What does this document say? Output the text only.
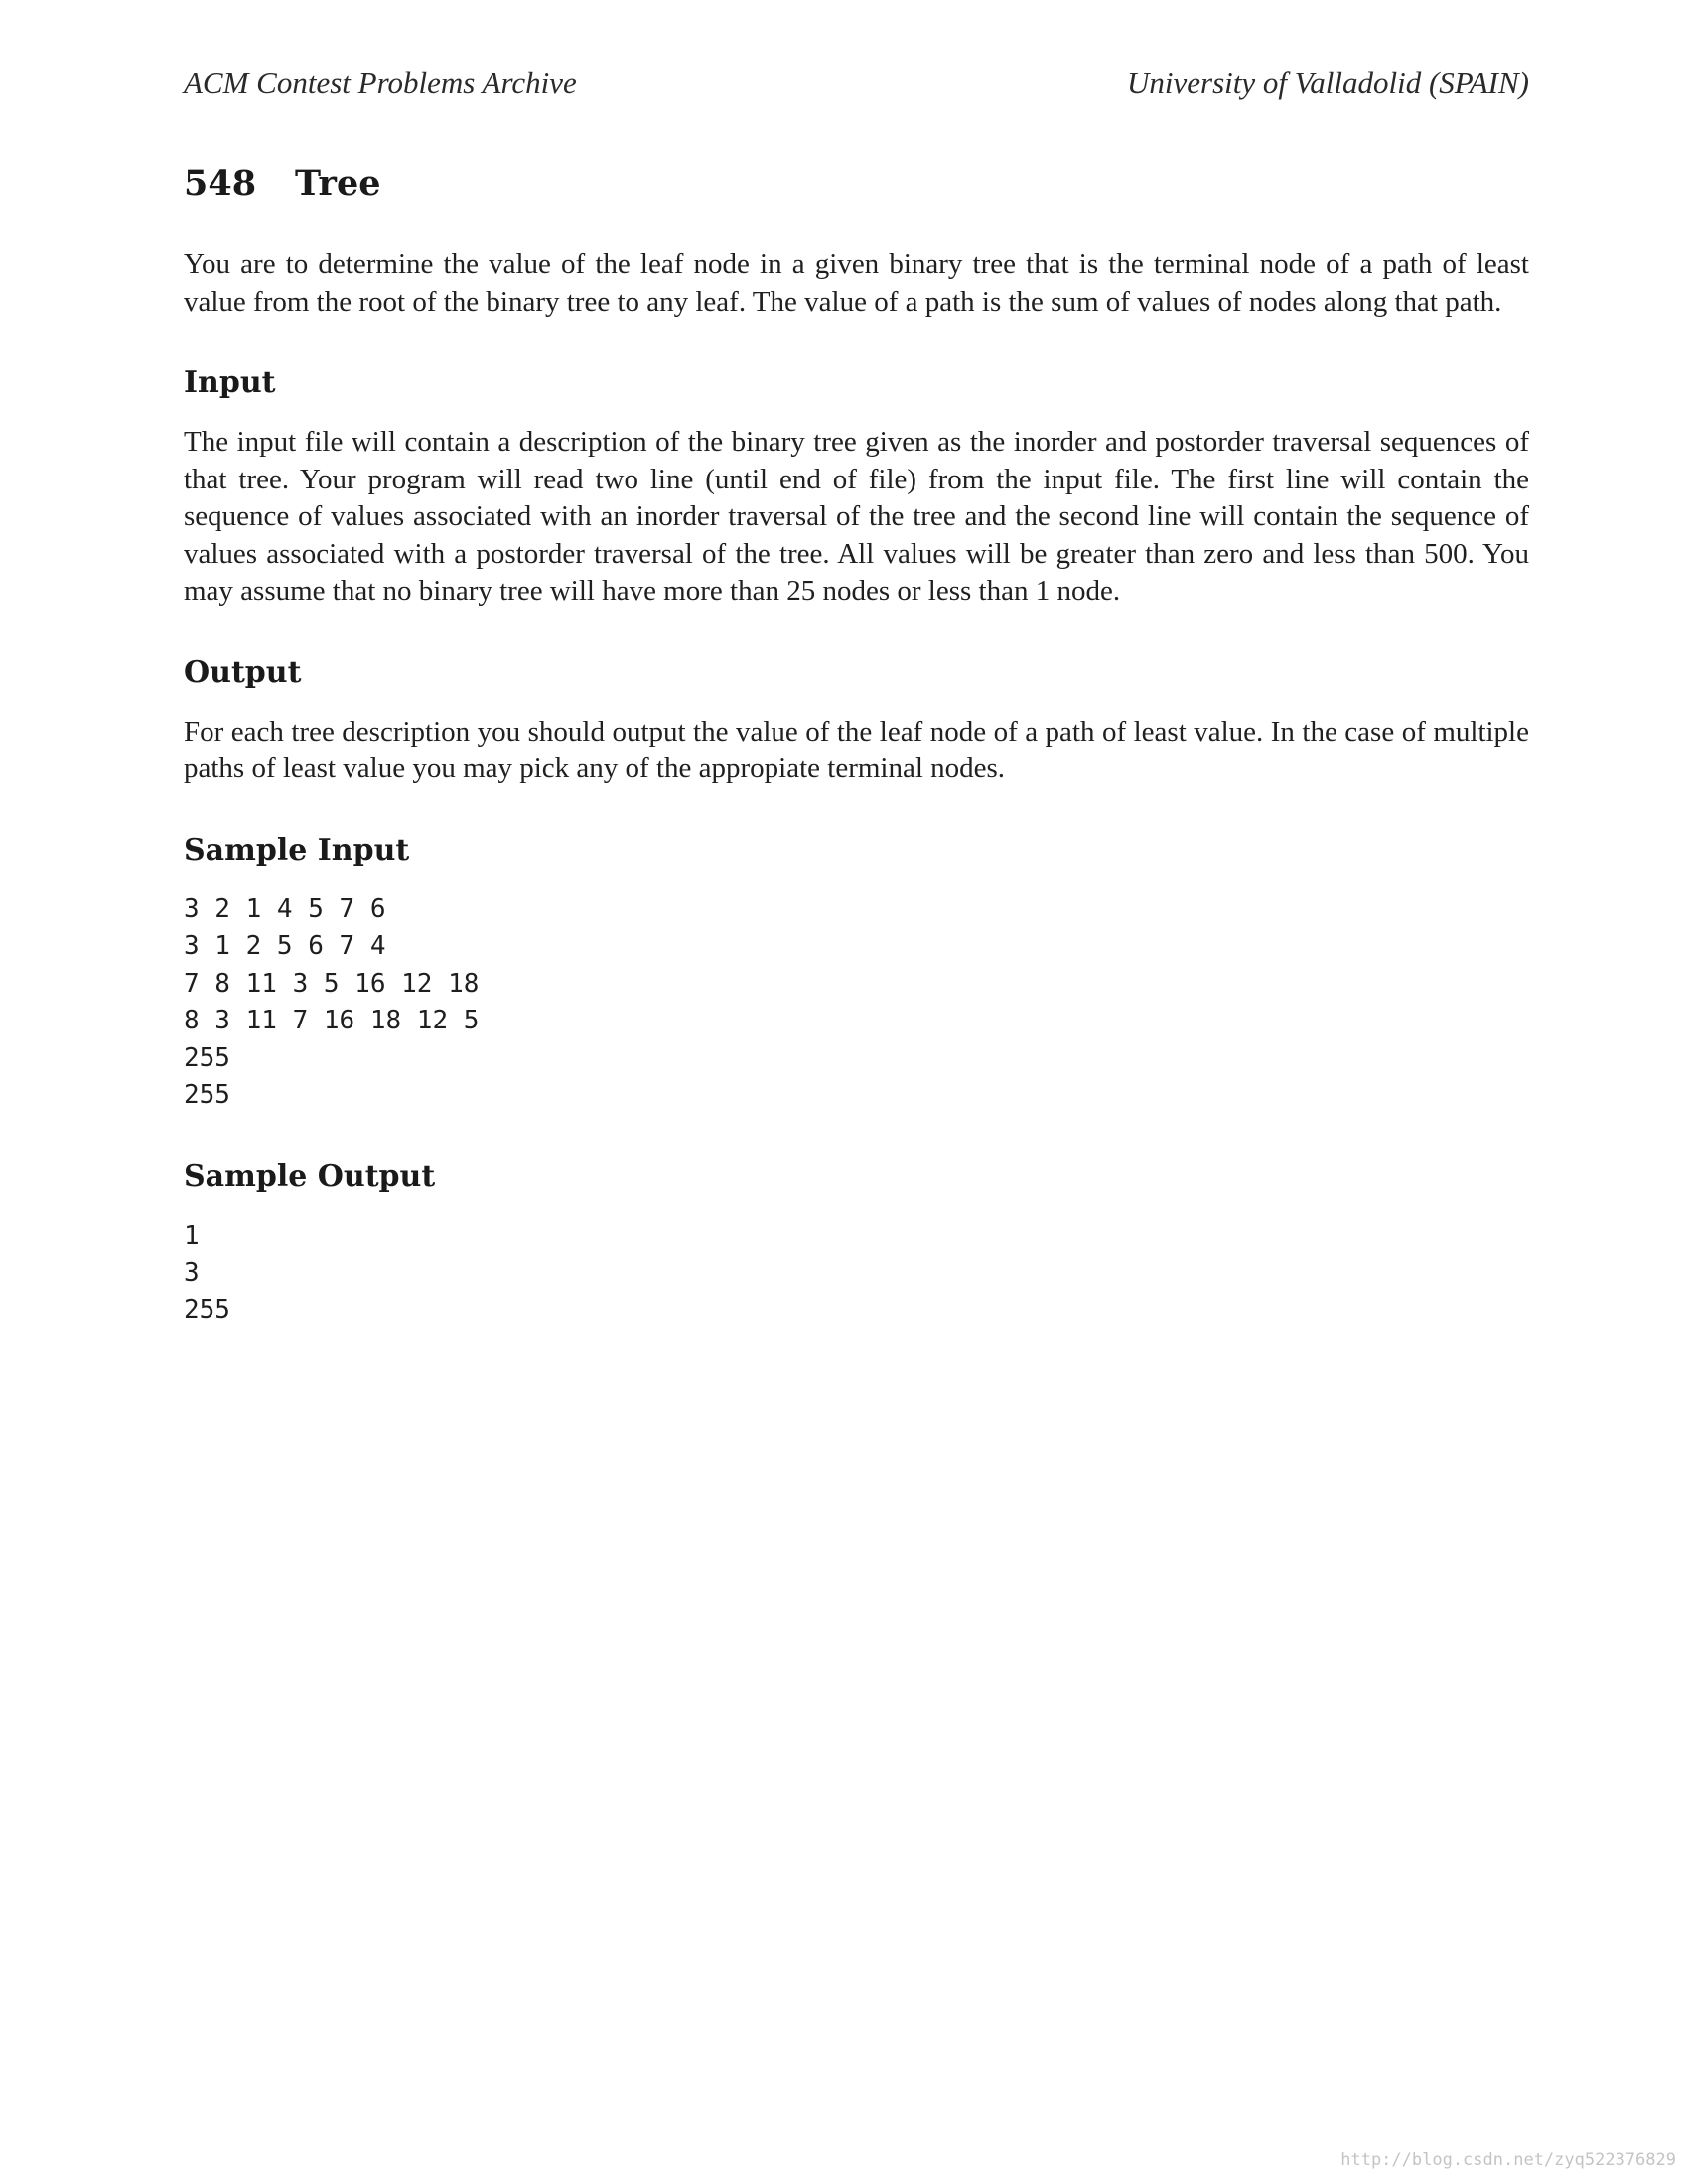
ACM Contest Problems Archive	University of Valladolid (SPAIN)
548 Tree

You are to determine the value of the leaf node in a given binary tree that is the terminal node of a path of least value from the root of the binary tree to any leaf. The value of a path is the sum of values of nodes along that path.

Input

The input file will contain a description of the binary tree given as the inorder and postorder traversal sequences of that tree. Your program will read two line (until end of file) from the input file. The first line will contain the sequence of values associated with an inorder traversal of the tree and the second line will contain the sequence of values associated with a postorder traversal of the tree. All values will be greater than zero and less than 500. You may assume that no binary tree will have more than 25 nodes or less than 1 node.

Output

For each tree description you should output the value of the leaf node of a path of least value. In the case of multiple paths of least value you may pick any of the appropiate terminal nodes.

Sample Input
3 2 1 4 5 7 6
3 1 2 5 6 7 4
7 8 11 3 5 16 12 18
8 3 11 7 16 18 12 5
255
255
Sample Output
1
3
255
http://blog.csdn.net/zyq522376829
